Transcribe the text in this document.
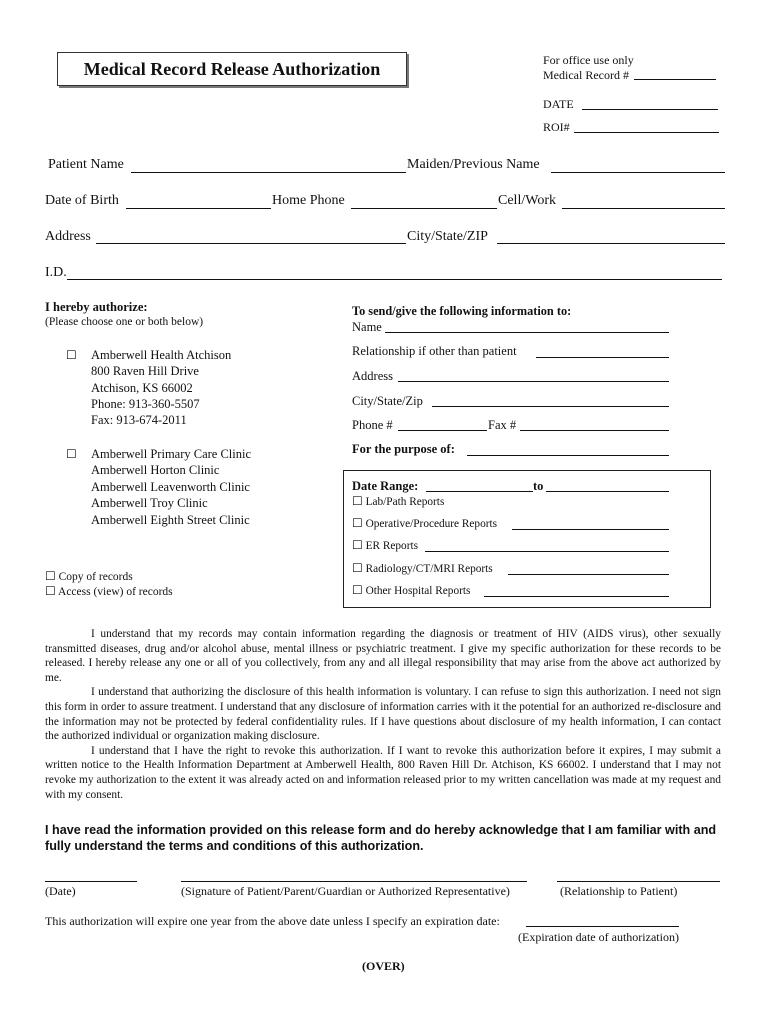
Medical Record Release Authorization	For office use only
Medical Record #
DATE
ROI#
Patient Name	Maiden/Previous Name
Date of Birth	Home Phone	Cell/Work
Address	City/State/ZIP
I.D.
I hereby authorize:
(Please choose one or both below)
☐ Amberwell Health Atchison
800 Raven Hill Drive
Atchison, KS 66002
Phone: 913-360-5507
Fax: 913-674-2011
☐ Amberwell Primary Care Clinic
Amberwell Horton Clinic
Amberwell Leavenworth Clinic
Amberwell Troy Clinic
Amberwell Eighth Street Clinic
☐ Copy of records
☐ Access (view) of records
To send/give the following information to:
Name
Relationship if other than patient
Address
City/State/Zip
Phone #	Fax #
For the purpose of:
Date Range:	to
☐ Lab/Path Reports
☐ Operative/Procedure Reports
☐ ER Reports
☐ Radiology/CT/MRI Reports
☐ Other Hospital Reports

I understand that my records may contain information regarding the diagnosis or treatment of HIV (AIDS virus), other sexually transmitted diseases, drug and/or alcohol abuse, mental illness or psychiatric treatment. I give my specific authorization for these records to be released. I hereby release any one or all of you collectively, from any and all illegal responsibility that may arise from the above act authorized by me.

I understand that authorizing the disclosure of this health information is voluntary. I can refuse to sign this authorization. I need not sign this form in order to assure treatment. I understand that any disclosure of information carries with it the potential for an authorized re-disclosure and the information may not be protected by federal confidentiality rules. If I have questions about disclosure of my health information, I can contact the authorized individual or organization making disclosure.

I understand that I have the right to revoke this authorization. If I want to revoke this authorization before it expires, I may submit a written notice to the Health Information Department at Amberwell Health, 800 Raven Hill Dr. Atchison, KS 66002. I understand that I may not revoke my authorization to the extent it was already acted on and information released prior to my written cancellation was made at my request and with my consent.

I have read the information provided on this release form and do hereby acknowledge that I am familiar with and fully understand the terms and conditions of this authorization.
(Date)	(Signature of Patient/Parent/Guardian or Authorized Representative)	(Relationship to Patient)
This authorization will expire one year from the above date unless I specify an expiration date:
(Expiration date of authorization)
(OVER)
